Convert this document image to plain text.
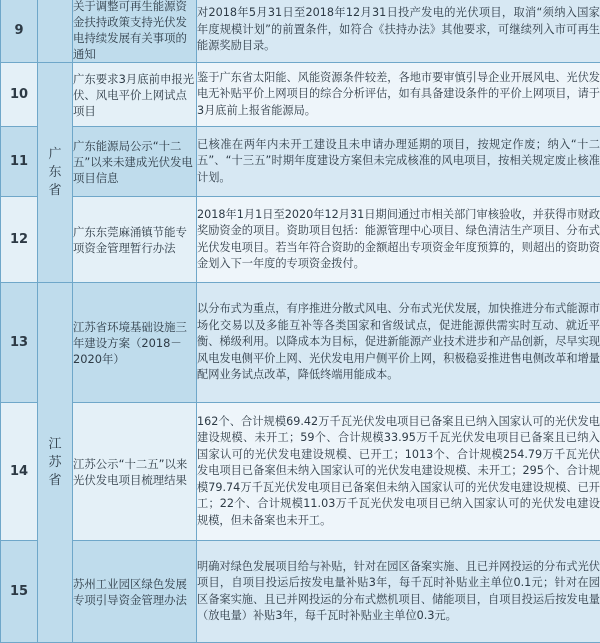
9		关于调整可再生能源资金扶持政策支持光伏发电持续发展有关事项的通知	对2018年5月31日至2018年12月31日投产发电的光伏项目，取消“须纳入国家年度规模计划”的前置条件，如符合《扶持办法》其他要求，可继续列入市可再生能源奖励目录。
10	广东省	广东要求3月底前申报光伏、风电平价上网试点项目	鉴于广东省太阳能、风能资源条件较差，各地市要审慎引导企业开展风电、光伏发电无补贴平价上网项目的综合分析评估，如有具备建设条件的平价上网项目，请于3月底前上报省能源局。
11		广东能源局公示“十二五”以来未建成光伏发电项目信息	已核准在两年内未开工建设且未申请办理延期的项目，按规定作废；纳入“十二五”、“十三五”时期年度建设方案但未完成核准的风电项目，按相关规定废止核准计划。
12		广东东莞麻涌镇节能专项资金管理暂行办法	2018年1月1日至2020年12月31日期间通过市相关部门审核验收，并获得市财政奖励资金的项目。资助项目包括：能源管理中心项目、绿色清洁生产项目、分布式光伏发电项目。若当年符合资助的金额超出专项资金年度预算的，则超出的资助资金划入下一年度的专项资金拨付。
13	江苏省	江苏省环境基础设施三年建设方案（2018－2020年）	以分布式为重点，有序推进分散式风电、分布式光伏发展，加快推进分布式能源市场化交易以及多能互补等各类国家和省级试点，促进能源供需实时互动、就近平衡、梯级利用。以降成本为目标，促进新能源产业技术进步和产品创新，尽早实现风电发电侧平价上网、光伏发电用户侧平价上网，积极稳妥推进售电侧改革和增量配网业务试点改革，降低终端用能成本。
14		江苏公示“十二五”以来光伏发电项目梳理结果	162个、合计规模69.42万千瓦光伏发电项目已备案且已纳入国家认可的光伏发电建设规模、未开工；59个、合计规模33.95万千瓦光伏发电项目已备案且已纳入国家认可的光伏发电建设规模、已开工；1013个、合计规模254.79万千瓦光伏发电项目已备案但未纳入国家认可的光伏发电建设规模、未开工；295个、合计规模79.74万千瓦光伏发电项目已备案但未纳入国家认可的光伏发电建设规模、已开工；22个、合计规模11.03万千瓦光伏发电项目已纳入国家认可的光伏发电建设规模，但未备案也未开工。
15		苏州工业园区绿色发展专项引导资金管理办法	明确对绿色发展项目给与补贴，针对在园区备案实施、且已并网投运的分布式光伏项目，自项目投运后按发电量补贴3年，每千瓦时补贴业主单位0.1元；针对在园区备案实施、且已并网投运的分布式燃机项目、储能项目，自项目投运后按发电量（放电量）补贴3年，每千瓦时补贴业主单位0.3元。
